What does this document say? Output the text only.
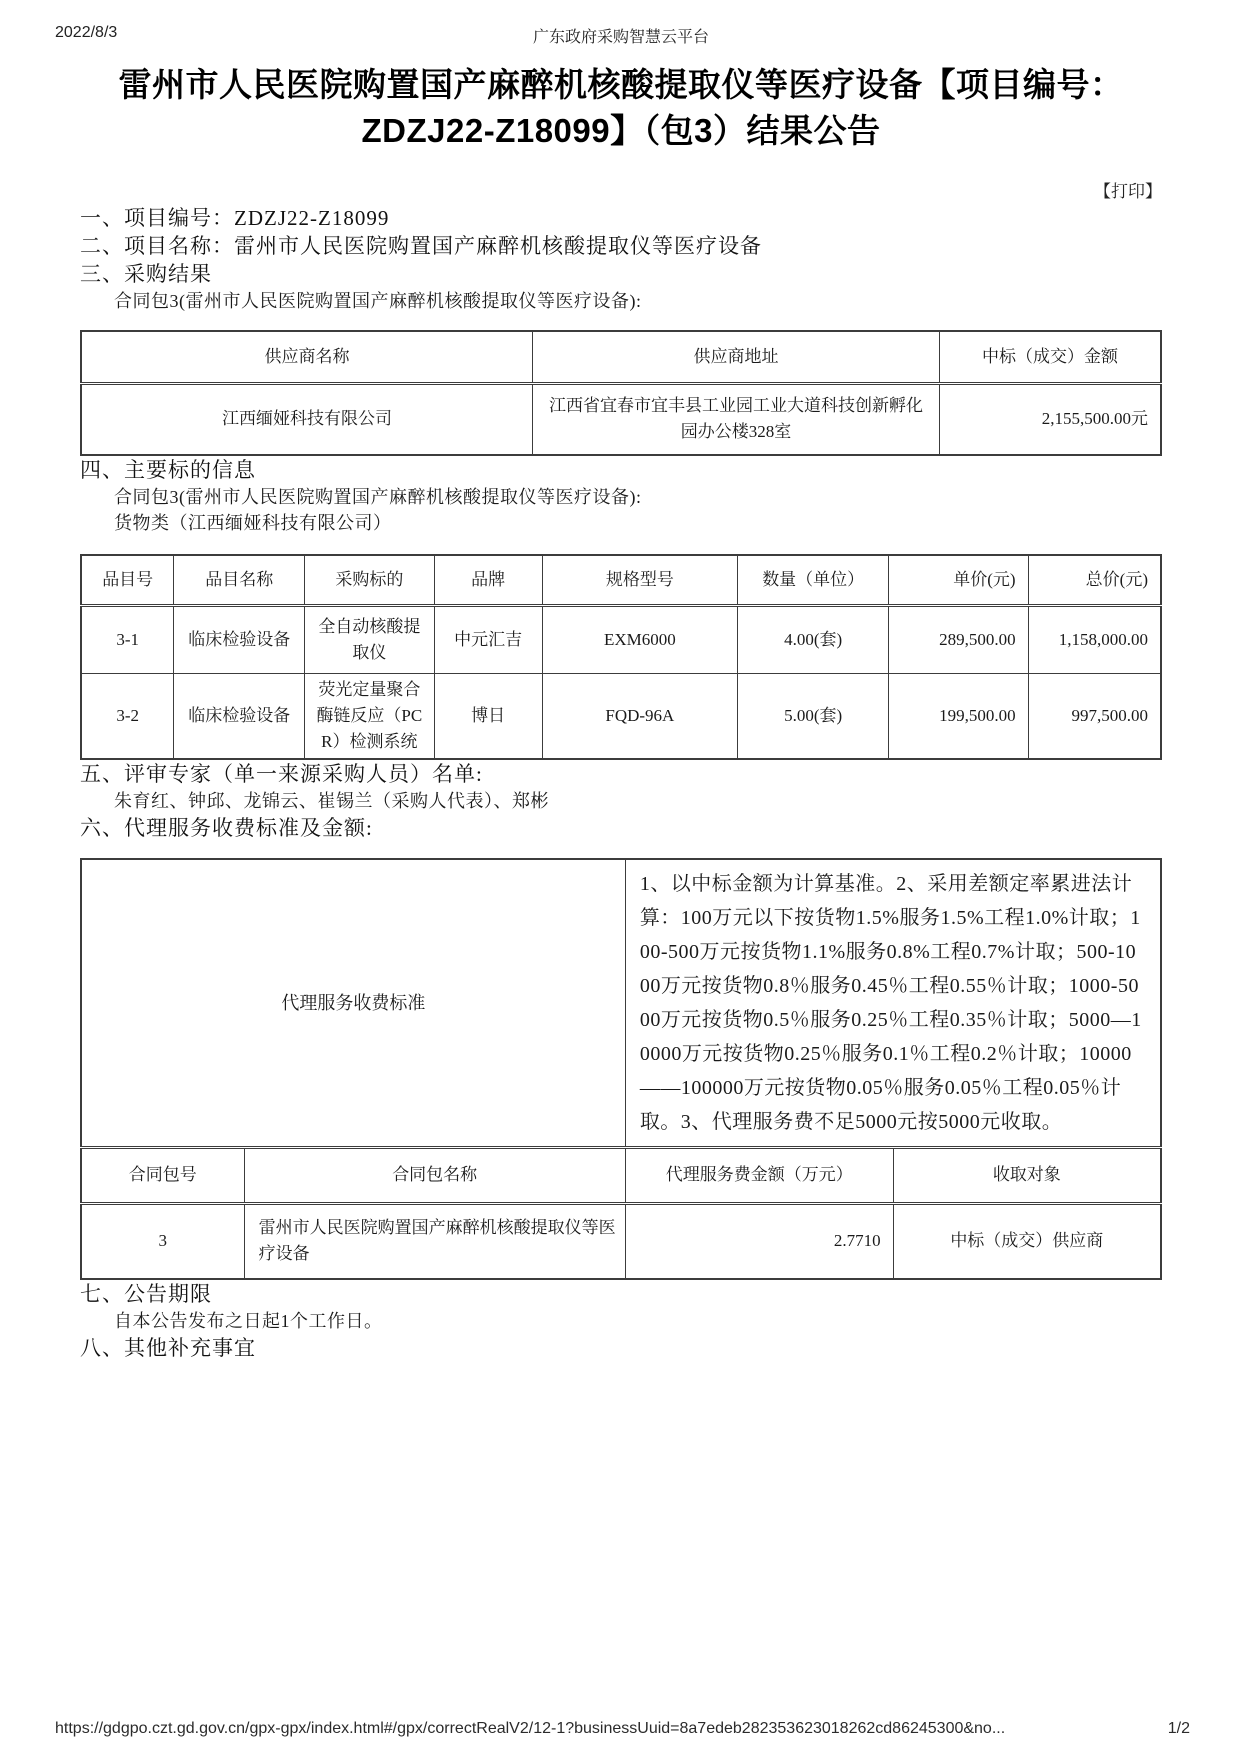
2022/8/3	广东政府采购智慧云平台
雷州市人民医院购置国产麻醉机核酸提取仪等医疗设备【项目编号：ZDZJ22-Z18099】（包3）结果公告
【打印】
一、项目编号：ZDZJ22-Z18099
二、项目名称：雷州市人民医院购置国产麻醉机核酸提取仪等医疗设备
三、采购结果

合同包3(雷州市人民医院购置国产麻醉机核酸提取仪等医疗设备):

供应商名称	供应商地址	中标（成交）金额
江西缅娅科技有限公司	江西省宜春市宜丰县工业园工业大道科技创新孵化园办公楼328室	2,155,500.00元
四、主要标的信息

合同包3(雷州市人民医院购置国产麻醉机核酸提取仪等医疗设备):

货物类（江西缅娅科技有限公司）

品目号	品目名称	采购标的	品牌	规格型号	数量（单位）	单价(元)	总价(元)
3-1	临床检验设备	全自动核酸提取仪	中元汇吉	EXM6000	4.00(套)	289,500.00	1,158,000.00
3-2	临床检验设备	荧光定量聚合酶链反应（PCR）检测系统	博日	FQD-96A	5.00(套)	199,500.00	997,500.00
五、评审专家（单一来源采购人员）名单:

朱育红、钟邱、龙锦云、崔锡兰（采购人代表）、郑彬

六、代理服务收费标准及金额:
代理服务收费标准		1、以中标金额为计算基准。2、采用差额定率累进法计算：100万元以下按货物1.5%服务1.5%工程1.0%计取；100-500万元按货物1.1%服务0.8%工程0.7%计取；500-1000万元按货物0.8％服务0.45％工程0.55％计取；1000-5000万元按货物0.5％服务0.25％工程0.35％计取；5000—10000万元按货物0.25％服务0.1％工程0.2％计取；10000——100000万元按货物0.05％服务0.05％工程0.05％计取。3、代理服务费不足5000元按5000元收取。	
合同包号	合同包名称	代理服务费金额（万元）	收取对象
3	雷州市人民医院购置国产麻醉机核酸提取仪等医疗设备	2.7710	中标（成交）供应商
七、公告期限

自本公告发布之日起1个工作日。

八、其他补充事宜
https://gdgpo.czt.gd.gov.cn/gpx-gpx/index.html#/gpx/correctRealV2/12-1?businessUuid=8a7edeb282353623018262cd86245300&no...	1/2
